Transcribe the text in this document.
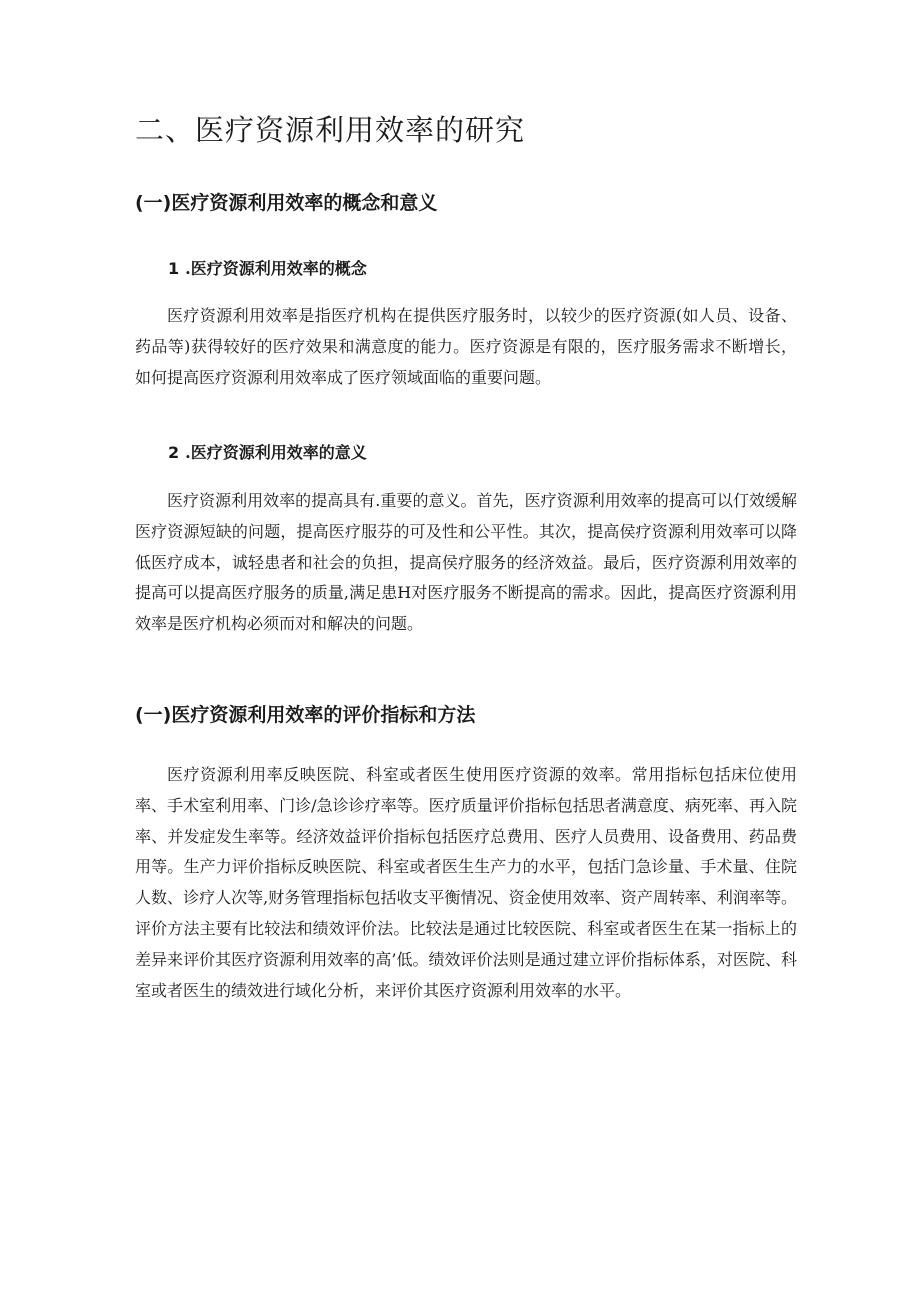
二、医疗资源利用效率的研究
(一)医疗资源利用效率的概念和意义
1 .医疗资源利用效率的概念

医疗资源利用效率是指医疗机构在提供医疗服务时，以较少的医疗资源(如人员、设备、药品等)获得较好的医疗效果和满意度的能力。医疗资源是有限的，医疗服务需求不断增长，如何提高医疗资源利用效率成了医疗领域面临的重要问题。

2 .医疗资源利用效率的意义

医疗资源利用效率的提高具有.重要的意义。首先，医疗资源利用效率的提高可以仃效缓解医疗资源短缺的问题，提高医疗服芬的可及性和公平性。其次，提高侯疗资源利用效率可以降低医疗成本，诚轻患者和社会的负担，提高侯疗服务的经济效益。最后，医疗资源利用效率的提高可以提高医疗服务的质量,满足患H对医疗服务不断提高的需求。因此，提高医疗资源利用效率是医疗机构必须而对和解决的问题。

(一)医疗资源利用效率的评价指标和方法

医疗资源利用率反映医院、科室或者医生使用医疗资源的效率。常用指标包括床位使用率、手术室利用率、门诊/急诊诊疗率等。医疗质量评价指标包括思者满意度、病死率、再入院率、并发症发生率等。经济效益评价指标包括医疗总费用、医疗人员费用、设备费用、药品费用等。生产力评价指标反映医院、科室或者医生生产力的水平，包括门急诊量、手术量、住院人数、诊疗人次等,财务管理指标包括收支平衡情况、资金使用效率、资产周转率、利润率等。评价方法主要有比较法和绩效评价法。比较法是通过比较医院、科室或者医生在某一指标上的差异来评价其医疗资源利用效率的高’低。绩效评价法则是通过建立评价指标体系，对医院、科室或者医生的绩效进行域化分析，来评价其医疗资源利用效率的水平。
